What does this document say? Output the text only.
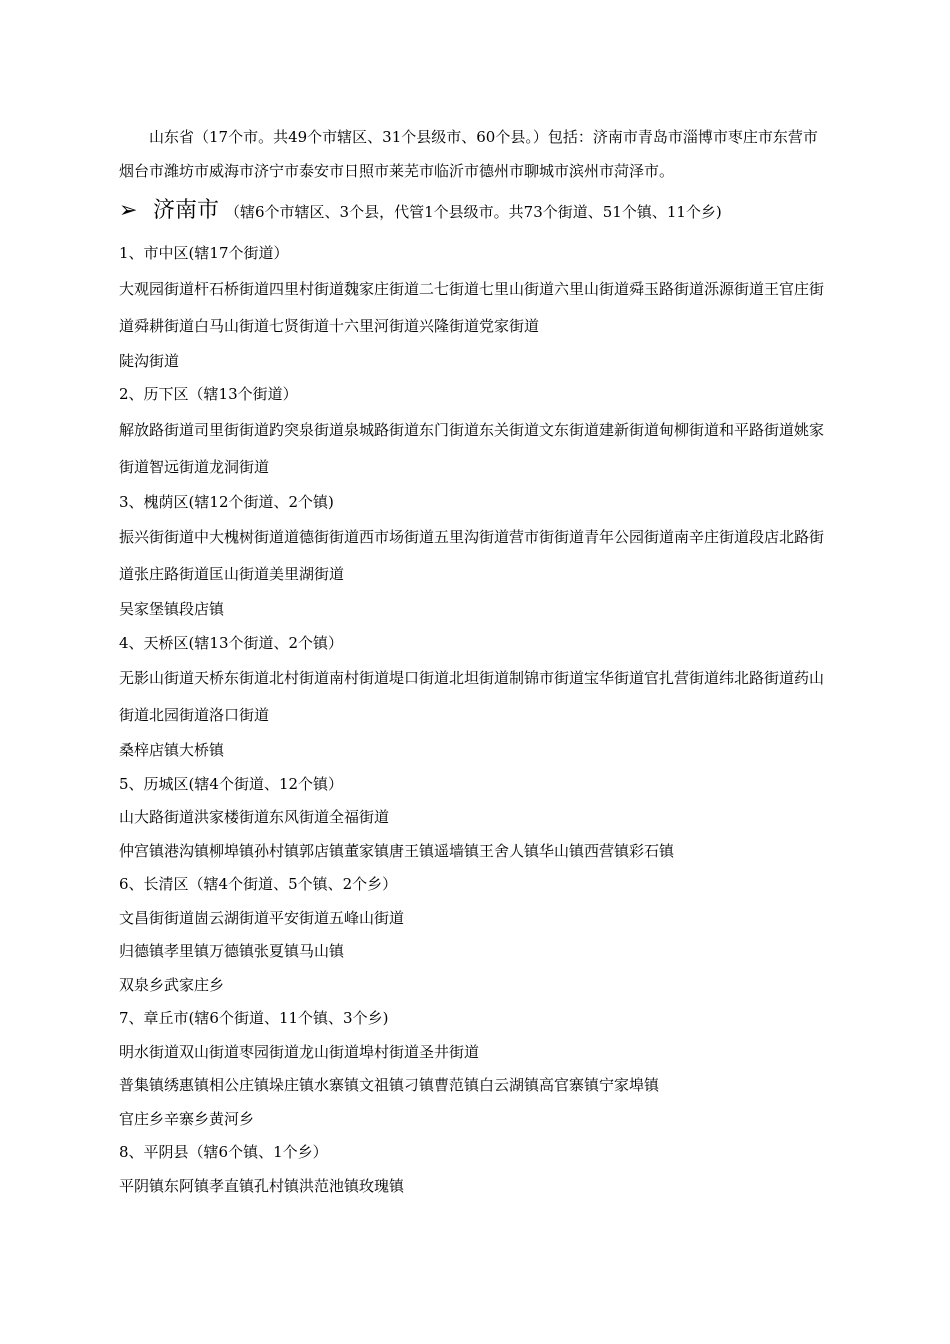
山东省（17个市。共49个市辖区、31个县级市、60个县。）包括：济南市青岛市淄博市枣庄市东营市烟台市潍坊市威海市济宁市泰安市日照市莱芜市临沂市德州市聊城市滨州市菏泽市。

➢ 济南市 （辖6个市辖区、3个县，代管1个县级市。共73个街道、51个镇、11个乡)

1、市中区(辖17个街道）

大观园街道杆石桥街道四里村街道魏家庄街道二七街道七里山街道六里山街道舜玉路街道泺源街道王官庄街道舜耕街道白马山街道七贤街道十六里河街道兴隆街道党家街道

陡沟街道

2、历下区（辖13个街道）

解放路街道司里街街道趵突泉街道泉城路街道东门街道东关街道文东街道建新街道甸柳街道和平路街道姚家街道智远街道龙洞街道

3、槐荫区(辖12个街道、2个镇)

振兴街街道中大槐树街道道德街街道西市场街道五里沟街道营市街街道青年公园街道南辛庄街道段店北路街道张庄路街道匡山街道美里湖街道

吴家堡镇段店镇

4、天桥区(辖13个街道、2个镇）

无影山街道天桥东街道北村街道南村街道堤口街道北坦街道制锦市街道宝华街道官扎营街道纬北路街道药山街道北园街道洛口街道

桑梓店镇大桥镇

5、历城区(辖4个街道、12个镇）

山大路街道洪家楼街道东风街道全福街道

仲宫镇港沟镇柳埠镇孙村镇郭店镇董家镇唐王镇遥墙镇王舍人镇华山镇西营镇彩石镇

6、长清区（辖4个街道、5个镇、2个乡）

文昌街街道崮云湖街道平安街道五峰山街道

归德镇孝里镇万德镇张夏镇马山镇

双泉乡武家庄乡

7、章丘市(辖6个街道、11个镇、3个乡)

明水街道双山街道枣园街道龙山街道埠村街道圣井街道

普集镇绣惠镇相公庄镇垛庄镇水寨镇文祖镇刁镇曹范镇白云湖镇高官寨镇宁家埠镇

官庄乡辛寨乡黄河乡

8、平阴县（辖6个镇、1个乡）

平阴镇东阿镇孝直镇孔村镇洪范池镇玫瑰镇
